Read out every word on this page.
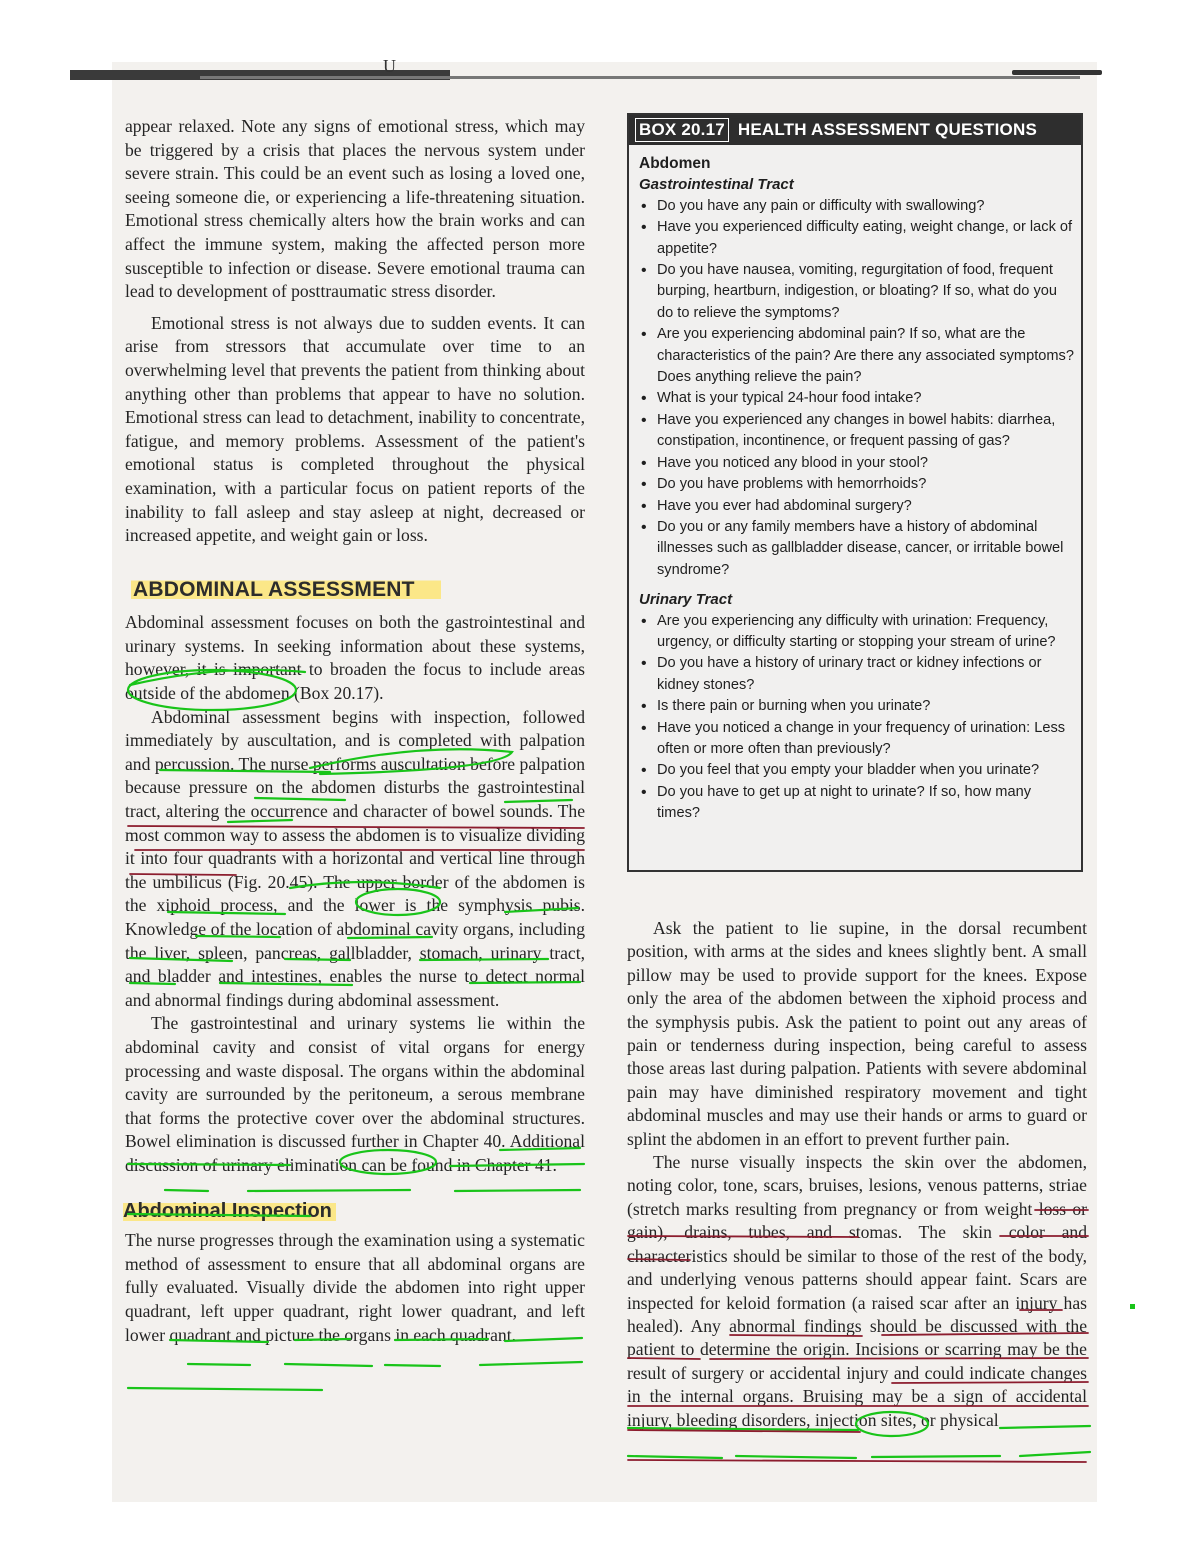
U

appear relaxed. Note any signs of emotional stress, which may be triggered by a crisis that places the nervous system under severe strain. This could be an event such as losing a loved one, seeing someone die, or experiencing a life-threatening situation. Emotional stress chemically alters how the brain works and can affect the immune system, making the affected person more susceptible to infection or disease. Severe emotional trauma can lead to development of posttraumatic stress disorder.

Emotional stress is not always due to sudden events. It can arise from stressors that accumulate over time to an overwhelming level that prevents the patient from thinking about anything other than problems that appear to have no solution. Emotional stress can lead to detachment, inability to concentrate, fatigue, and memory problems. Assessment of the patient's emotional status is completed throughout the physical examination, with a particular focus on patient reports of the inability to fall asleep and stay asleep at night, decreased or increased appetite, and weight gain or loss.

ABDOMINAL ASSESSMENT

Abdominal assessment focuses on both the gastrointestinal and urinary systems. In seeking information about these systems, however, it is important to broaden the focus to include areas outside of the abdomen (Box 20.17).

Abdominal assessment begins with inspection, followed immediately by auscultation, and is completed with palpation and percussion. The nurse performs auscultation before palpation because pressure on the abdomen disturbs the gastrointestinal tract, altering the occurrence and character of bowel sounds. The most common way to assess the abdomen is to visualize dividing it into four quadrants with a horizontal and vertical line through the umbilicus (Fig. 20.45). The upper border of the abdomen is the xiphoid process, and the lower is the symphysis pubis. Knowledge of the location of abdominal cavity organs, including the liver, spleen, pancreas, gallbladder, stomach, urinary tract, and bladder and intestines, enables the nurse to detect normal and abnormal findings during abdominal assessment.

The gastrointestinal and urinary systems lie within the abdominal cavity and consist of vital organs for energy processing and waste disposal. The organs within the abdominal cavity are surrounded by the peritoneum, a serous membrane that forms the protective cover over the abdominal structures. Bowel elimination is discussed further in Chapter 40. Additional discussion of urinary elimination can be found in Chapter 41.

Abdominal Inspection

The nurse progresses through the examination using a systematic method of assessment to ensure that all abdominal organs are fully evaluated. Visually divide the abdomen into right upper quadrant, left upper quadrant, right lower quadrant, and left lower quadrant and picture the organs in each quadrant.

BOX 20.17 HEALTH ASSESSMENT QUESTIONS
Abdomen
Gastrointestinal Tract
• Do you have any pain or difficulty with swallowing?
• Have you experienced difficulty eating, weight change, or lack of appetite?
• Do you have nausea, vomiting, regurgitation of food, frequent burping, heartburn, indigestion, or bloating? If so, what do you do to relieve the symptoms?
• Are you experiencing abdominal pain? If so, what are the characteristics of the pain? Are there any associated symptoms? Does anything relieve the pain?
• What is your typical 24-hour food intake?
• Have you experienced any changes in bowel habits: diarrhea, constipation, incontinence, or frequent passing of gas?
• Have you noticed any blood in your stool?
• Do you have problems with hemorrhoids?
• Have you ever had abdominal surgery?
• Do you or any family members have a history of abdominal illnesses such as gallbladder disease, cancer, or irritable bowel syndrome?
Urinary Tract
• Are you experiencing any difficulty with urination: Frequency, urgency, or difficulty starting or stopping your stream of urine?
• Do you have a history of urinary tract or kidney infections or kidney stones?
• Is there pain or burning when you urinate?
• Have you noticed a change in your frequency of urination: Less often or more often than previously?
• Do you feel that you empty your bladder when you urinate?
• Do you have to get up at night to urinate? If so, how many times?

Ask the patient to lie supine, in the dorsal recumbent position, with arms at the sides and knees slightly bent. A small pillow may be used to provide support for the knees. Expose only the area of the abdomen between the xiphoid process and the symphysis pubis. Ask the patient to point out any areas of pain or tenderness during inspection, being careful to assess those areas last during palpation. Patients with severe abdominal pain may have diminished respiratory movement and tight abdominal muscles and may use their hands or arms to guard or splint the abdomen in an effort to prevent further pain.

The nurse visually inspects the skin over the abdomen, noting color, tone, scars, bruises, lesions, venous patterns, striae (stretch marks resulting from pregnancy or from weight loss or gain), drains, tubes, and stomas. The skin color and characteristics should be similar to those of the rest of the body, and underlying venous patterns should appear faint. Scars are inspected for keloid formation (a raised scar after an injury has healed). Any abnormal findings should be discussed with the patient to determine the origin. Incisions or scarring may be the result of surgery or accidental injury and could indicate changes in the internal organs. Bruising may be a sign of accidental injury, bleeding disorders, injection sites, or physical
